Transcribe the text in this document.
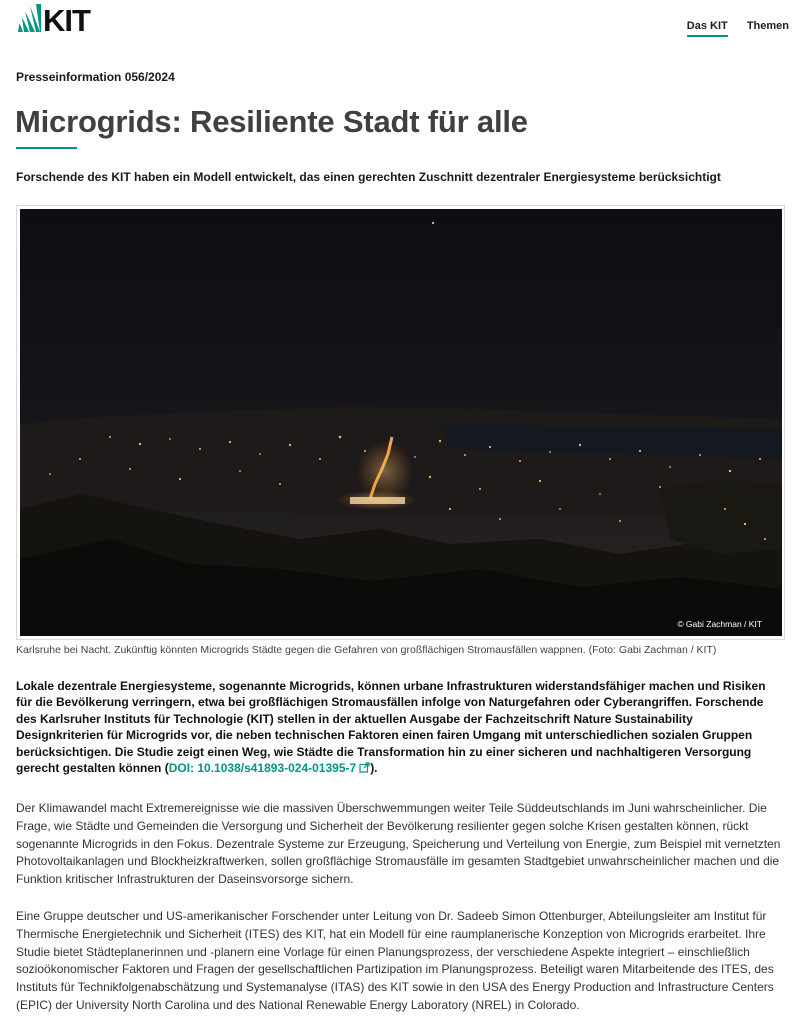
KIT	Das KIT Themen
Presseinformation 056/2024
Microgrids: Resiliente Stadt für alle
Forschende des KIT haben ein Modell entwickelt, das einen gerechten Zuschnitt dezentraler Energiesysteme berücksichtigt
© Gabi Zachman / KIT
Karlsruhe bei Nacht. Zukünftig könnten Microgrids Städte gegen die Gefahren von großflächigen Stromausfällen wappnen. (Foto: Gabi Zachman / KIT)

Lokale dezentrale Energiesysteme, sogenannte Microgrids, können urbane Infrastrukturen widerstandsfähiger machen und Risiken für die Bevölkerung verringern, etwa bei großflächigen Stromausfällen infolge von Naturgefahren oder Cyberangriffen. Forschende des Karlsruher Instituts für Technologie (KIT) stellen in der aktuellen Ausgabe der Fachzeitschrift Nature Sustainability Designkriterien für Microgrids vor, die neben technischen Faktoren einen fairen Umgang mit unterschiedlichen sozialen Gruppen berücksichtigen. Die Studie zeigt einen Weg, wie Städte die Transformation hin zu einer sicheren und nachhaltigeren Versorgung gerecht gestalten können (DOI: 10.1038/s41893-024-01395-7 ).

Der Klimawandel macht Extremereignisse wie die massiven Überschwemmungen weiter Teile Süddeutschlands im Juni wahrscheinlicher. Die Frage, wie Städte und Gemeinden die Versorgung und Sicherheit der Bevölkerung resilienter gegen solche Krisen gestalten können, rückt sogenannte Microgrids in den Fokus. Dezentrale Systeme zur Erzeugung, Speicherung und Verteilung von Energie, zum Beispiel mit vernetzten Photovoltaikanlagen und Blockheizkraftwerken, sollen großflächige Stromausfälle im gesamten Stadtgebiet unwahrscheinlicher machen und die Funktion kritischer Infrastrukturen der Daseinsvorsorge sichern.

Eine Gruppe deutscher und US-amerikanischer Forschender unter Leitung von Dr. Sadeeb Simon Ottenburger, Abteilungsleiter am Institut für Thermische Energietechnik und Sicherheit (ITES) des KIT, hat ein Modell für eine raumplanerische Konzeption von Microgrids erarbeitet. Ihre Studie bietet Städteplanerinnen und -planern eine Vorlage für einen Planungsprozess, der verschiedene Aspekte integriert – einschließlich sozioökonomischer Faktoren und Fragen der gesellschaftlichen Partizipation im Planungsprozess. Beteiligt waren Mitarbeitende des ITES, des Instituts für Technikfolgenabschätzung und Systemanalyse (ITAS) des KIT sowie in den USA des Energy Production and Infrastructure Centers (EPIC) der University North Carolina und des National Renewable Energy Laboratory (NREL) in Colorado.
